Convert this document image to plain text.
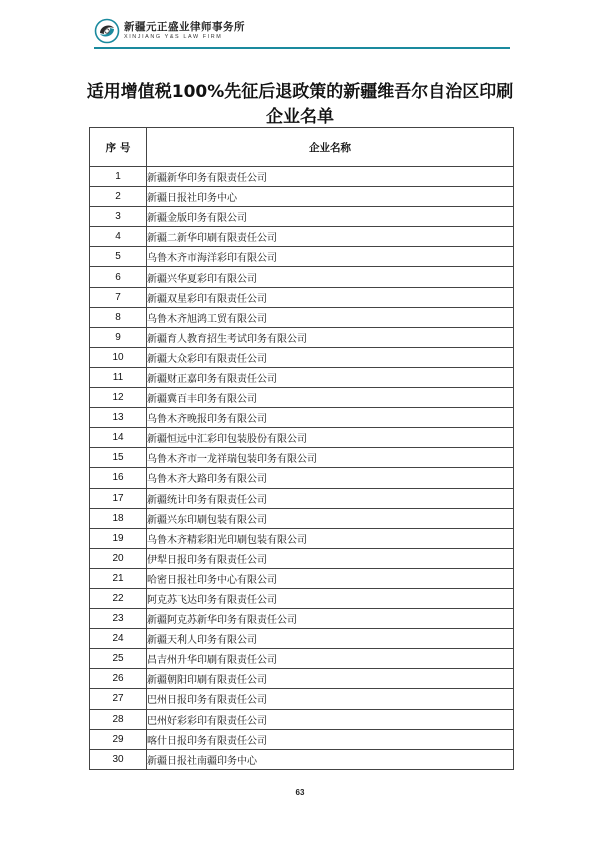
新疆元正盛业律师事务所
XINJIANG Y&S LAW FIRM
适用增值税100%先征后退政策的新疆维吾尔自治区印刷
企业名单
序 号	企业名称
1	新疆新华印务有限责任公司
2	新疆日报社印务中心
3	新疆金版印务有限公司
4	新疆二新华印刷有限责任公司
5	乌鲁木齐市海洋彩印有限公司
6	新疆兴华夏彩印有限公司
7	新疆双星彩印有限责任公司
8	乌鲁木齐旭鸿工贸有限公司
9	新疆育人教育招生考试印务有限公司
10	新疆大众彩印有限责任公司
11	新疆财正嘉印务有限责任公司
12	新疆冀百丰印务有限公司
13	乌鲁木齐晚报印务有限公司
14	新疆恒远中汇彩印包装股份有限公司
15	乌鲁木齐市一龙祥瑞包装印务有限公司
16	乌鲁木齐大路印务有限公司
17	新疆统计印务有限责任公司
18	新疆兴东印刷包装有限公司
19	乌鲁木齐精彩阳光印刷包装有限公司
20	伊犁日报印务有限责任公司
21	哈密日报社印务中心有限公司
22	阿克苏飞达印务有限责任公司
23	新疆阿克苏新华印务有限责任公司
24	新疆天利人印务有限公司
25	昌吉州升华印刷有限责任公司
26	新疆朝阳印刷有限责任公司
27	巴州日报印务有限责任公司
28	巴州好彩彩印有限责任公司
29	喀什日报印务有限责任公司
30	新疆日报社南疆印务中心
63
